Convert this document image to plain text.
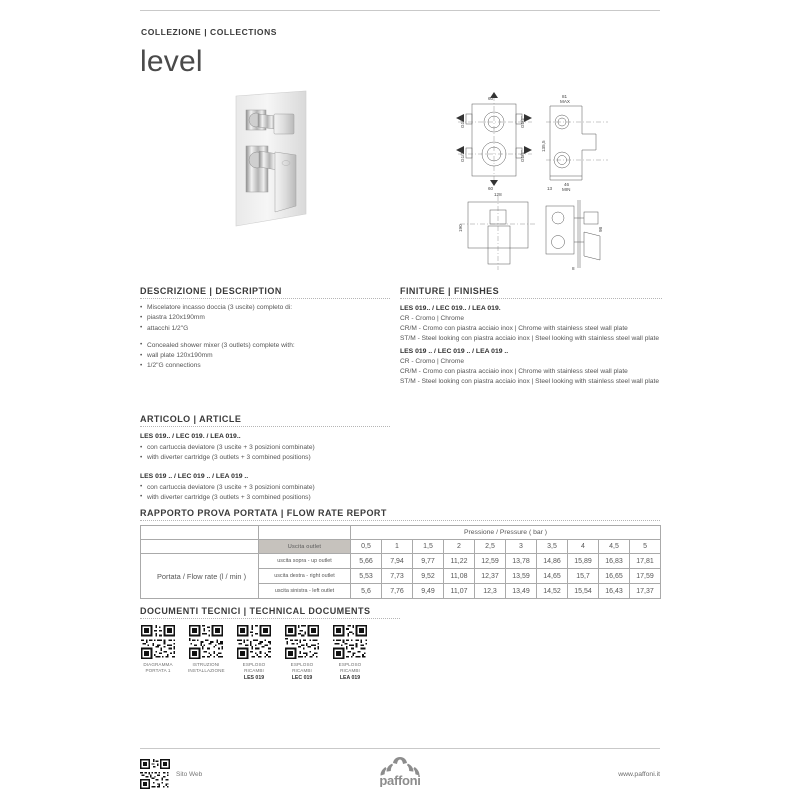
COLLEZIONE | COLLECTIONS
level
60
60
G1/2"	G1/2"
G1/2"	G1/2"
81
MAX
135,5
13
46
MIN
128
190	98
8
DESCRIZIONE | DESCRIPTION
• Miscelatore incasso doccia (3 uscite) completo di:
• piastra 120x190mm
• attacchi 1/2"G
• Concealed shower mixer (3 outlets) complete with:
• wall plate 120x190mm
• 1/2"G connections
FINITURE | FINISHES
LES 019.. / LEC 019.. / LEA 019.
CR - Cromo | Chrome
CR/M - Cromo con piastra acciaio inox | Chrome with stainless steel wall plate
ST/M - Steel looking con piastra acciaio inox | Steel looking with stainless steel wall plate
LES 019 .. / LEC 019 .. / LEA 019 ..
CR - Cromo | Chrome
CR/M - Cromo con piastra acciaio inox | Chrome with stainless steel wall plate
ST/M - Steel looking con piastra acciaio inox | Steel looking with stainless steel wall plate
ARTICOLO | ARTICLE
LES 019.. / LEC 019. / LEA 019..
• con cartuccia deviatore (3 uscite + 3 posizioni combinate)
• with diverter cartridge (3 outlets + 3 combined positions)
LES 019 .. / LEC 019 .. / LEA 019 ..
• con cartuccia deviatore (3 uscite + 3 posizioni combinate)
• with diverter cartridge (3 outlets + 3 combined positions)
RAPPORTO PROVA PORTATA | FLOW RATE REPORT
		Pressione / Pressure ( bar )									
	Uscita outlet	0,5	1	1,5	2	2,5	3	3,5	4	4,5	5
Portata / Flow rate (l / min )	uscita sopra - up outlet	5,66	7,94	9,77	11,22	12,59	13,78	14,86	15,89	16,83	17,81
	uscita destra - right outlet	5,53	7,73	9,52	11,08	12,37	13,59	14,65	15,7	16,65	17,59
	uscita sinistra - left outlet	5,6	7,76	9,49	11,07	12,3	13,49	14,52	15,54	16,43	17,37
DOCUMENTI TECNICI | TECHNICAL DOCUMENTS
DIAGRAMMA
PORTATA 1
ISTRUZIONI
INSTALLAZIONE
ESPLOSO
RICAMBI
LES 019
ESPLOSO
RICAMBI
LEC 019
ESPLOSO
RICAMBI
LEA 019
Sito Web	paffoni	www.paffoni.it
